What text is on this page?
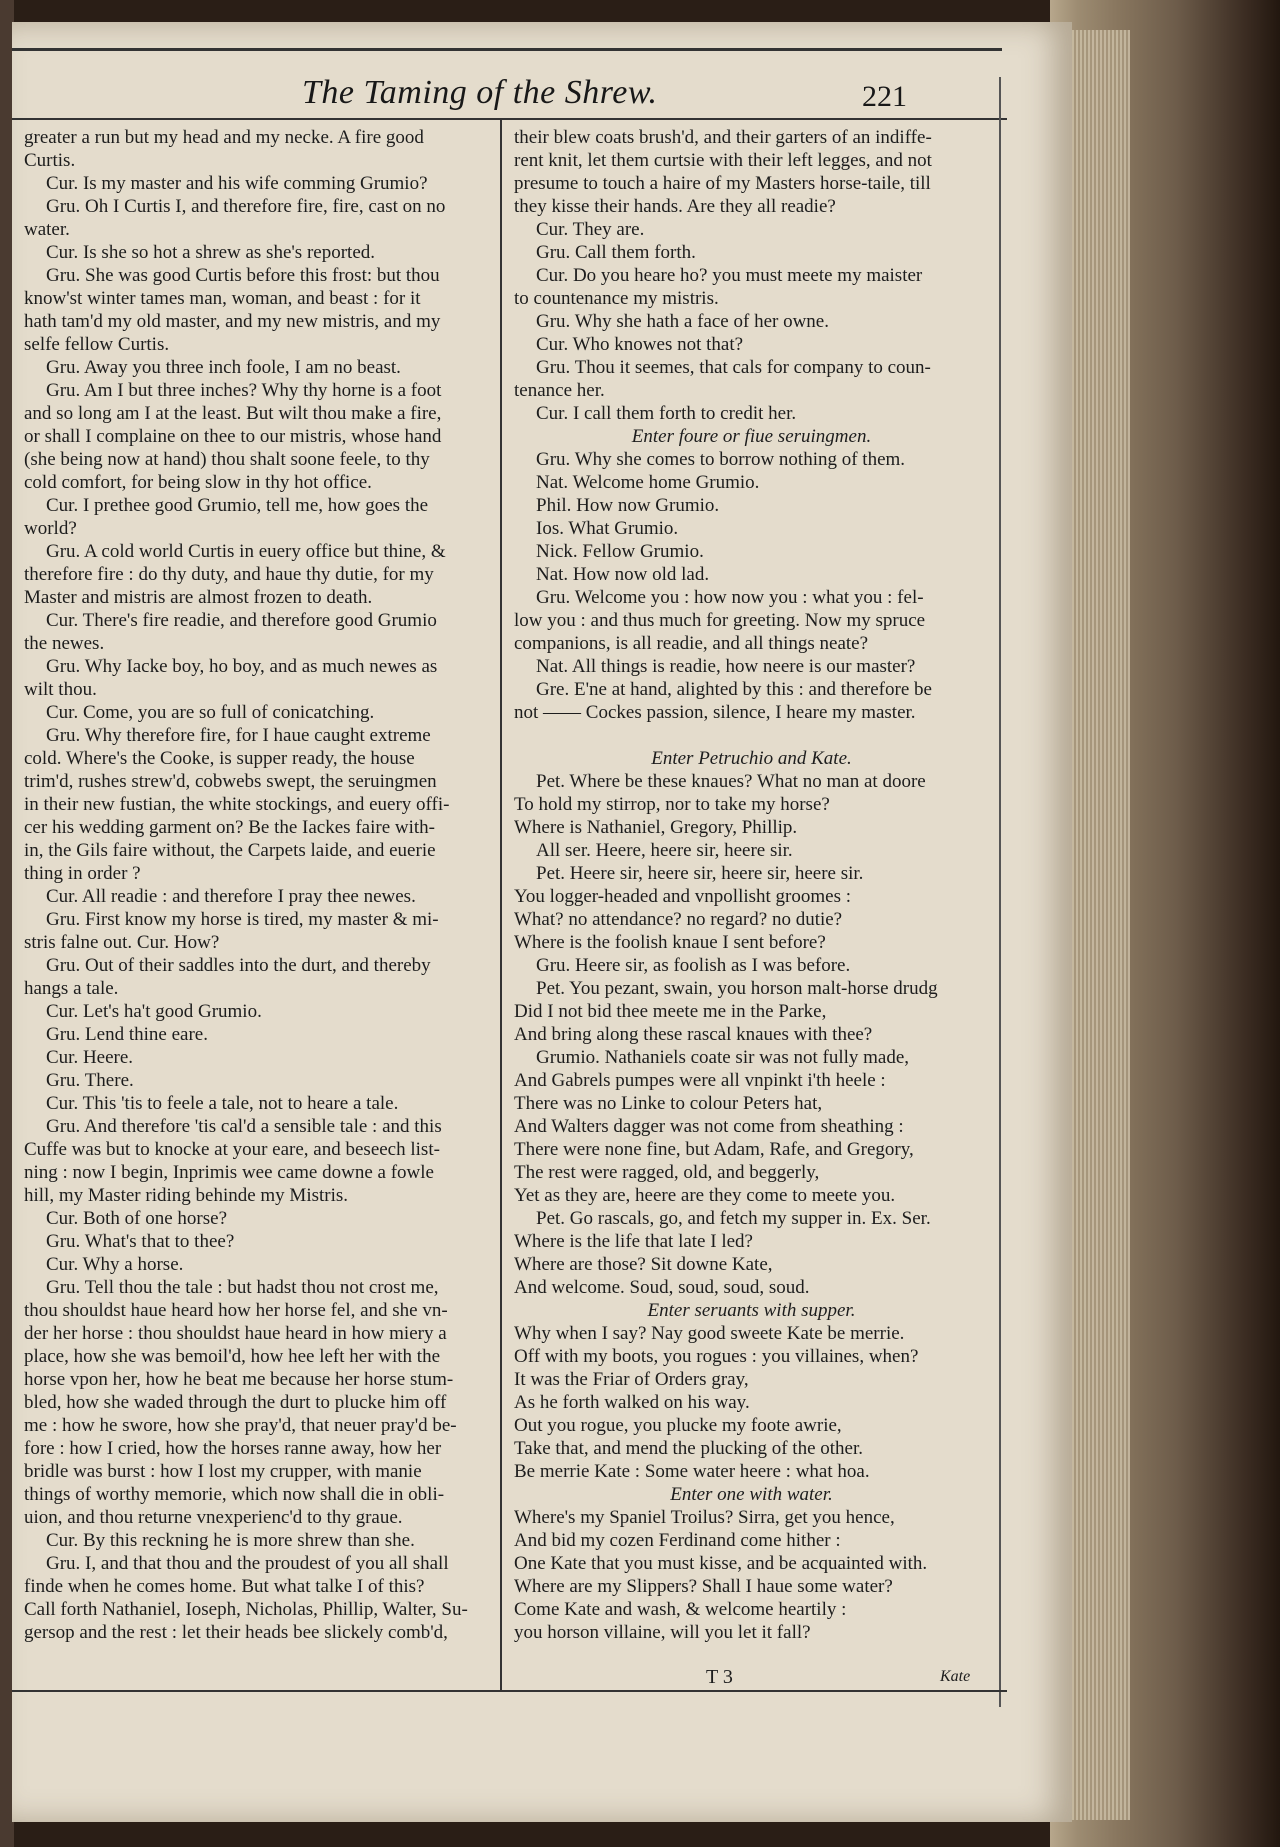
The Taming of the Shrew.	221
greater a run but my head and my necke. A fire good
Curtis.
Cur. Is my master and his wife comming Grumio?
Gru. Oh I Curtis I, and therefore fire, fire, cast on no
water.
Cur. Is she so hot a shrew as she's reported.
Gru. She was good Curtis before this frost: but thou
know'st winter tames man, woman, and beast : for it
hath tam'd my old master, and my new mistris, and my
selfe fellow Curtis.
Gru. Away you three inch foole, I am no beast.
Gru. Am I but three inches? Why thy horne is a foot
and so long am I at the least. But wilt thou make a fire,
or shall I complaine on thee to our mistris, whose hand
(she being now at hand) thou shalt soone feele, to thy
cold comfort, for being slow in thy hot office.
Cur. I prethee good Grumio, tell me, how goes the
world?
Gru. A cold world Curtis in euery office but thine, &
therefore fire : do thy duty, and haue thy dutie, for my
Master and mistris are almost frozen to death.
Cur. There's fire readie, and therefore good Grumio
the newes.
Gru. Why Iacke boy, ho boy, and as much newes as
wilt thou.
Cur. Come, you are so full of conicatching.
Gru. Why therefore fire, for I haue caught extreme
cold. Where's the Cooke, is supper ready, the house
trim'd, rushes strew'd, cobwebs swept, the seruingmen
in their new fustian, the white stockings, and euery offi-
cer his wedding garment on? Be the Iackes faire with-
in, the Gils faire without, the Carpets laide, and euerie
thing in order ?
Cur. All readie : and therefore I pray thee newes.
Gru. First know my horse is tired, my master & mi-
stris falne out. Cur. How?
Gru. Out of their saddles into the durt, and thereby
hangs a tale.
Cur. Let's ha't good Grumio.
Gru. Lend thine eare.
Cur. Heere.
Gru. There.
Cur. This 'tis to feele a tale, not to heare a tale.
Gru. And therefore 'tis cal'd a sensible tale : and this
Cuffe was but to knocke at your eare, and beseech list-
ning : now I begin, Inprimis wee came downe a fowle
hill, my Master riding behinde my Mistris.
Cur. Both of one horse?
Gru. What's that to thee?
Cur. Why a horse.
Gru. Tell thou the tale : but hadst thou not crost me,
thou shouldst haue heard how her horse fel, and she vn-
der her horse : thou shouldst haue heard in how miery a
place, how she was bemoil'd, how hee left her with the
horse vpon her, how he beat me because her horse stum-
bled, how she waded through the durt to plucke him off
me : how he swore, how she pray'd, that neuer pray'd be-
fore : how I cried, how the horses ranne away, how her
bridle was burst : how I lost my crupper, with manie
things of worthy memorie, which now shall die in obli-
uion, and thou returne vnexperienc'd to thy graue.
Cur. By this reckning he is more shrew than she.
Gru. I, and that thou and the proudest of you all shall
finde when he comes home. But what talke I of this?
Call forth Nathaniel, Ioseph, Nicholas, Phillip, Walter, Su-
gersop and the rest : let their heads bee slickely comb'd,
their blew coats brush'd, and their garters of an indiffe-
rent knit, let them curtsie with their left legges, and not
presume to touch a haire of my Masters horse-taile, till
they kisse their hands. Are they all readie?
Cur. They are.
Gru. Call them forth.
Cur. Do you heare ho? you must meete my maister
to countenance my mistris.
Gru. Why she hath a face of her owne.
Cur. Who knowes not that?
Gru. Thou it seemes, that cals for company to coun-
tenance her.
Cur. I call them forth to credit her.
Enter foure or fiue seruingmen.
Gru. Why she comes to borrow nothing of them.
Nat. Welcome home Grumio.
Phil. How now Grumio.
Ios. What Grumio.
Nick. Fellow Grumio.
Nat. How now old lad.
Gru. Welcome you : how now you : what you : fel-
low you : and thus much for greeting. Now my spruce
companions, is all readie, and all things neate?
Nat. All things is readie, how neere is our master?
Gre. E'ne at hand, alighted by this : and therefore be
not —— Cockes passion, silence, I heare my master.
Enter Petruchio and Kate.
Pet. Where be these knaues? What no man at doore
To hold my stirrop, nor to take my horse?
Where is Nathaniel, Gregory, Phillip.
All ser. Heere, heere sir, heere sir.
Pet. Heere sir, heere sir, heere sir, heere sir.
You logger-headed and vnpollisht groomes :
What? no attendance? no regard? no dutie?
Where is the foolish knaue I sent before?
Gru. Heere sir, as foolish as I was before.
Pet. You pezant, swain, you horson malt-horse drudg
Did I not bid thee meete me in the Parke,
And bring along these rascal knaues with thee?
Grumio. Nathaniels coate sir was not fully made,
And Gabrels pumpes were all vnpinkt i'th heele :
There was no Linke to colour Peters hat,
And Walters dagger was not come from sheathing :
There were none fine, but Adam, Rafe, and Gregory,
The rest were ragged, old, and beggerly,
Yet as they are, heere are they come to meete you.
Pet. Go rascals, go, and fetch my supper in. Ex. Ser.
Where is the life that late I led?
Where are those? Sit downe Kate,
And welcome. Soud, soud, soud, soud.
Enter seruants with supper.
Why when I say? Nay good sweete Kate be merrie.
Off with my boots, you rogues : you villaines, when?
It was the Friar of Orders gray,
As he forth walked on his way.
Out you rogue, you plucke my foote awrie,
Take that, and mend the plucking of the other.
Be merrie Kate : Some water heere : what hoa.
Enter one with water.
Where's my Spaniel Troilus? Sirra, get you hence,
And bid my cozen Ferdinand come hither :
One Kate that you must kisse, and be acquainted with.
Where are my Slippers? Shall I haue some water?
Come Kate and wash, & welcome heartily :
you horson villaine, will you let it fall?
T 3	Kate
